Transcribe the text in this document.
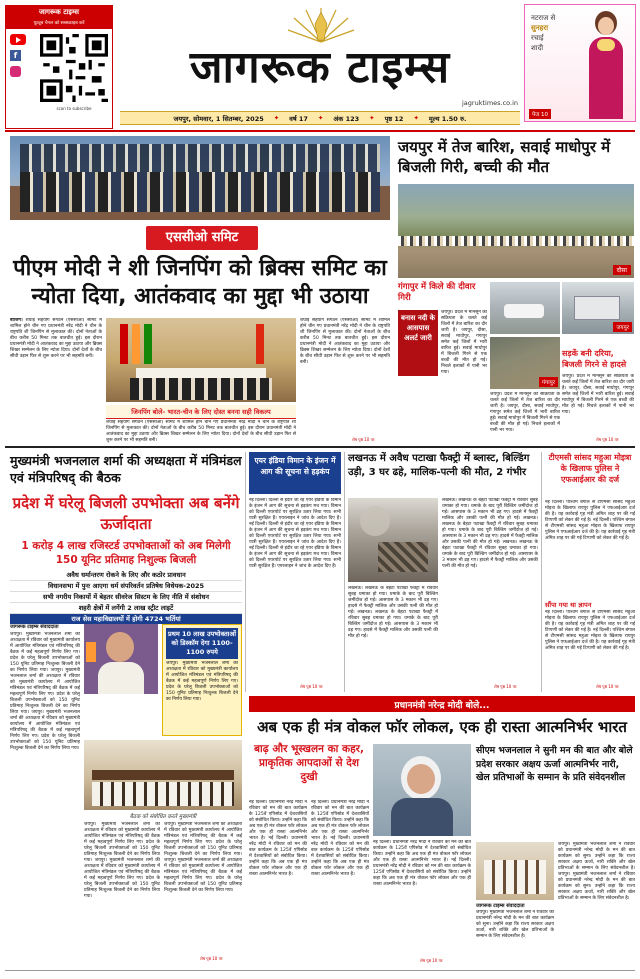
जागरूक टाइम्स
यूट्यूब चैनल को सब्सक्राइब करें
f
scan to subscribe
जागरूक टाइम्स
jagruktimes.co.in
जयपुर, सोमवार, 1 सितम्बर, 2025 ✦ वर्ष 17 ✦ अंक 123 ✦ पृष्ठ 12 ✦ मूल्य 1.50 रु.
नटराज से
सुनहरा
रचाई
शादी
पेज 10
एससीओ समिट
पीएम मोदी ने शी जिनपिंग को ब्रिक्स समिट का न्योता दिया, आतंकवाद का मुद्दा भी उठाया
बीजिंग। शंघाई सहयोग संगठन (एससीओ) समिट में शामिल होने चीन गए प्रधानमंत्री नरेंद्र मोदी ने चीन के राष्ट्रपति शी जिनपिंग से मुलाकात की। दोनों नेताओं के बीच करीब 50 मिनट तक बातचीत हुई। इस दौरान प्रधानमंत्री मोदी ने आतंकवाद का मुद्दा उठाया और ब्रिक्स शिखर सम्मेलन के लिए न्योता दिया। दोनों देशों के बीच सीधी उड़ान फिर से शुरू करने पर भी सहमति बनी।
जिनपिंग बोले- भारत-चीन के लिए दोस्त बनना सही विकल्प
शंघाई सहयोग संगठन (एससीओ) समिट में शामिल होने चीन गए प्रधानमंत्री नरेंद्र मोदी ने चीन के राष्ट्रपति शी जिनपिंग से मुलाकात की। दोनों नेताओं के बीच करीब 50 मिनट तक बातचीत हुई। इस दौरान प्रधानमंत्री मोदी ने आतंकवाद का मुद्दा उठाया और ब्रिक्स शिखर सम्मेलन के लिए न्योता दिया। दोनों देशों के बीच सीधी उड़ान फिर से शुरू करने पर भी सहमति बनी।
शंघाई सहयोग संगठन (एससीओ) समिट में शामिल होने चीन गए प्रधानमंत्री नरेंद्र मोदी ने चीन के राष्ट्रपति शी जिनपिंग से मुलाकात की। दोनों नेताओं के बीच करीब 50 मिनट तक बातचीत हुई। इस दौरान प्रधानमंत्री मोदी ने आतंकवाद का मुद्दा उठाया और ब्रिक्स शिखर सम्मेलन के लिए न्योता दिया। दोनों देशों के बीच सीधी उड़ान फिर से शुरू करने पर भी सहमति बनी।
शेष पृष्ठ 10 पर
जयपुर में तेज बारिश, सवाई माधोपुर में बिजली गिरी, बच्ची की मौत
दौसा
गंगापुर में किले की दीवार गिरी
जयपुर
बनास नदी के आसपास अलर्ट जारी
जयपुर। प्रदेश में मानसून की सक्रियता के चलते कई जिलों में तेज बारिश का दौर जारी है। जयपुर, दौसा, सवाई माधोपुर, गंगापुर समेत कई जिलों में भारी बारिश हुई। सवाई माधोपुर में बिजली गिरने से एक बच्ची की मौत हो गई। निचले इलाकों में पानी भर गया।
गंगापुर
जयपुर। प्रदेश में मानसून की सक्रियता के चलते कई जिलों में तेज बारिश का दौर जारी है। जयपुर, दौसा, सवाई माधोपुर, गंगापुर समेत कई जिलों में भारी बारिश हुई। सवाई माधोपुर में बिजली गिरने से एक बच्ची की मौत हो गई। निचले इलाकों में पानी भर गया।
सड़कें बनी दरिया, बिजली गिरने से हादसे
जयपुर। प्रदेश में मानसून की सक्रियता के चलते कई जिलों में तेज बारिश का दौर जारी है। जयपुर, दौसा, सवाई माधोपुर, गंगापुर समेत कई जिलों में भारी बारिश हुई। सवाई माधोपुर में बिजली गिरने से एक बच्ची की मौत हो गई। निचले इलाकों में पानी भर गया।
शेष पृष्ठ 10 पर
मुख्यमंत्री भजनलाल शर्मा की अध्यक्षता में मंत्रिमंडल एवं मंत्रिपरिषद् की बैठक
प्रदेश में घरेलू बिजली उपभोक्ता अब बनेंगे ऊर्जादाता
1 करोड़ 4 लाख रजिस्टर्ड उपभोक्ताओं को अब मिलेगी 150 यूनिट प्रतिमाह निशुल्क बिजली
अवैध धर्मान्तरण रोकने के लिए और कठोर प्रावधान
विधानसभा में पुनः आएगा धर्म संपरिवर्तन प्रतिषेध विधेयक-2025
सभी नगरीय निकायों में बेहतर सीवरेज सिस्टम के लिए नीति में संशोधन
शहरी क्षेत्रों में लगेंगी 2 लाख स्ट्रीट लाइटें
राज सेस महाविद्यालयों में होगी 4724 भर्तियां
जागरूक टाइम्स संवाददाता
जयपुर। मुख्यमंत्री भजनलाल शर्मा की अध्यक्षता में रविवार को मुख्यमंत्री कार्यालय में आयोजित मंत्रिमंडल एवं मंत्रिपरिषद् की बैठक में कई महत्वपूर्ण निर्णय लिए गए। प्रदेश के घरेलू बिजली उपभोक्ताओं को 150 यूनिट प्रतिमाह निःशुल्क बिजली देने का निर्णय लिया गया। जयपुर। मुख्यमंत्री भजनलाल शर्मा की अध्यक्षता में रविवार को मुख्यमंत्री कार्यालय में आयोजित मंत्रिमंडल एवं मंत्रिपरिषद् की बैठक में कई महत्वपूर्ण निर्णय लिए गए। प्रदेश के घरेलू बिजली उपभोक्ताओं को 150 यूनिट प्रतिमाह निःशुल्क बिजली देने का निर्णय लिया गया। जयपुर। मुख्यमंत्री भजनलाल शर्मा की अध्यक्षता में रविवार को मुख्यमंत्री कार्यालय में आयोजित मंत्रिमंडल एवं मंत्रिपरिषद् की बैठक में कई महत्वपूर्ण निर्णय लिए गए। प्रदेश के घरेलू बिजली उपभोक्ताओं को 150 यूनिट प्रतिमाह निःशुल्क बिजली देने का निर्णय लिया गया।
प्रथम 10 लाख उपभोक्ताओं को डिस्कॉम देगा 1100-1100 रुपये
जयपुर। मुख्यमंत्री भजनलाल शर्मा की अध्यक्षता में रविवार को मुख्यमंत्री कार्यालय में आयोजित मंत्रिमंडल एवं मंत्रिपरिषद् की बैठक में कई महत्वपूर्ण निर्णय लिए गए। प्रदेश के घरेलू बिजली उपभोक्ताओं को 150 यूनिट प्रतिमाह निःशुल्क बिजली देने का निर्णय लिया गया।
बैठक को संबोधित करते मुख्यमंत्री
जयपुर। मुख्यमंत्री भजनलाल शर्मा की अध्यक्षता में रविवार को मुख्यमंत्री कार्यालय में आयोजित मंत्रिमंडल एवं मंत्रिपरिषद् की बैठक में कई महत्वपूर्ण निर्णय लिए गए। प्रदेश के घरेलू बिजली उपभोक्ताओं को 150 यूनिट प्रतिमाह निःशुल्क बिजली देने का निर्णय लिया गया। जयपुर। मुख्यमंत्री भजनलाल शर्मा की अध्यक्षता में रविवार को मुख्यमंत्री कार्यालय में आयोजित मंत्रिमंडल एवं मंत्रिपरिषद् की बैठक में कई महत्वपूर्ण निर्णय लिए गए। प्रदेश के घरेलू बिजली उपभोक्ताओं को 150 यूनिट प्रतिमाह निःशुल्क बिजली देने का निर्णय लिया गया।
जयपुर। मुख्यमंत्री भजनलाल शर्मा की अध्यक्षता में रविवार को मुख्यमंत्री कार्यालय में आयोजित मंत्रिमंडल एवं मंत्रिपरिषद् की बैठक में कई महत्वपूर्ण निर्णय लिए गए। प्रदेश के घरेलू बिजली उपभोक्ताओं को 150 यूनिट प्रतिमाह निःशुल्क बिजली देने का निर्णय लिया गया। जयपुर। मुख्यमंत्री भजनलाल शर्मा की अध्यक्षता में रविवार को मुख्यमंत्री कार्यालय में आयोजित मंत्रिमंडल एवं मंत्रिपरिषद् की बैठक में कई महत्वपूर्ण निर्णय लिए गए। प्रदेश के घरेलू बिजली उपभोक्ताओं को 150 यूनिट प्रतिमाह निःशुल्क बिजली देने का निर्णय लिया गया।
शेष पृष्ठ 10 पर
एयर इंडिया विमान के इंजन में आग की सूचना से हड़कंप
नई दिल्ली। दिल्ली से इंदौर जा रहे एयर इंडिया के विमान के इंजन में आग की सूचना से हड़कंप मच गया। विमान को दिल्ली एयरपोर्ट पर सुरक्षित उतार लिया गया। सभी यात्री सुरक्षित हैं। एयरलाइन ने जांच के आदेश दिए हैं। नई दिल्ली। दिल्ली से इंदौर जा रहे एयर इंडिया के विमान के इंजन में आग की सूचना से हड़कंप मच गया। विमान को दिल्ली एयरपोर्ट पर सुरक्षित उतार लिया गया। सभी यात्री सुरक्षित हैं। एयरलाइन ने जांच के आदेश दिए हैं। नई दिल्ली। दिल्ली से इंदौर जा रहे एयर इंडिया के विमान के इंजन में आग की सूचना से हड़कंप मच गया। विमान को दिल्ली एयरपोर्ट पर सुरक्षित उतार लिया गया। सभी यात्री सुरक्षित हैं। एयरलाइन ने जांच के आदेश दिए हैं।
शेष पृष्ठ 10 पर
लखनऊ में अवैध पटाखा फैक्ट्री में ब्लास्ट, बिल्डिंग उड़ी, 3 घर ढहे, मालिक-पत्नी की मौत, 2 गंभीर
लखनऊ। लखनऊ के बेहटा पटाखा फैक्ट्री में रविवार सुबह धमाका हो गया। धमाके के बाद पूरी बिल्डिंग जमींदोज हो गई। आसपास के 3 मकान भी ढह गए। हादसे में फैक्ट्री मालिक और उसकी पत्नी की मौत हो गई। लखनऊ। लखनऊ के बेहटा पटाखा फैक्ट्री में रविवार सुबह धमाका हो गया। धमाके के बाद पूरी बिल्डिंग जमींदोज हो गई। आसपास के 3 मकान भी ढह गए। हादसे में फैक्ट्री मालिक और उसकी पत्नी की मौत हो गई।
लखनऊ। लखनऊ के बेहटा पटाखा फैक्ट्री में रविवार सुबह धमाका हो गया। धमाके के बाद पूरी बिल्डिंग जमींदोज हो गई। आसपास के 3 मकान भी ढह गए। हादसे में फैक्ट्री मालिक और उसकी पत्नी की मौत हो गई। लखनऊ। लखनऊ के बेहटा पटाखा फैक्ट्री में रविवार सुबह धमाका हो गया। धमाके के बाद पूरी बिल्डिंग जमींदोज हो गई। आसपास के 3 मकान भी ढह गए। हादसे में फैक्ट्री मालिक और उसकी पत्नी की मौत हो गई। लखनऊ। लखनऊ के बेहटा पटाखा फैक्ट्री में रविवार सुबह धमाका हो गया। धमाके के बाद पूरी बिल्डिंग जमींदोज हो गई। आसपास के 3 मकान भी ढह गए। हादसे में फैक्ट्री मालिक और उसकी पत्नी की मौत हो गई।
शेष पृष्ठ 10 पर
टीएमसी सांसद महुआ मोइत्रा के खिलाफ पुलिस ने एफआईआर की दर्ज
नई दिल्ली। पश्चिम बंगाल से टीएमसी सांसद महुआ मोइत्रा के खिलाफ रायपुर पुलिस ने एफआईआर दर्ज की है। यह कार्रवाई गृह मंत्री अमित शाह पर की गई टिप्पणी को लेकर की गई है। नई दिल्ली। पश्चिम बंगाल से टीएमसी सांसद महुआ मोइत्रा के खिलाफ रायपुर पुलिस ने एफआईआर दर्ज की है। यह कार्रवाई गृह मंत्री अमित शाह पर की गई टिप्पणी को लेकर की गई है।
सौंपा गया था ज्ञापन
नई दिल्ली। पश्चिम बंगाल से टीएमसी सांसद महुआ मोइत्रा के खिलाफ रायपुर पुलिस ने एफआईआर दर्ज की है। यह कार्रवाई गृह मंत्री अमित शाह पर की गई टिप्पणी को लेकर की गई है। नई दिल्ली। पश्चिम बंगाल से टीएमसी सांसद महुआ मोइत्रा के खिलाफ रायपुर पुलिस ने एफआईआर दर्ज की है। यह कार्रवाई गृह मंत्री अमित शाह पर की गई टिप्पणी को लेकर की गई है।
शेष पृष्ठ 10 पर
प्रधानमंत्री नरेन्द्र मोदी बोले...
अब एक ही मंत्र वोकल फॉर लोकल, एक ही रास्ता आत्मनिर्भर भारत
बाढ़ और भूस्खलन का कहर, प्राकृतिक आपदाओं से देश दुखी
नई दिल्ली। प्रधानमंत्री नरेंद्र मोदी ने रविवार को मन की बात कार्यक्रम के 125वें एपिसोड में देशवासियों को संबोधित किया। उन्होंने कहा कि अब एक ही मंत्र वोकल फॉर लोकल और एक ही रास्ता आत्मनिर्भर भारत है। नई दिल्ली। प्रधानमंत्री नरेंद्र मोदी ने रविवार को मन की बात कार्यक्रम के 125वें एपिसोड में देशवासियों को संबोधित किया। उन्होंने कहा कि अब एक ही मंत्र वोकल फॉर लोकल और एक ही रास्ता आत्मनिर्भर भारत है।
नई दिल्ली। प्रधानमंत्री नरेंद्र मोदी ने रविवार को मन की बात कार्यक्रम के 125वें एपिसोड में देशवासियों को संबोधित किया। उन्होंने कहा कि अब एक ही मंत्र वोकल फॉर लोकल और एक ही रास्ता आत्मनिर्भर भारत है। नई दिल्ली। प्रधानमंत्री नरेंद्र मोदी ने रविवार को मन की बात कार्यक्रम के 125वें एपिसोड में देशवासियों को संबोधित किया। उन्होंने कहा कि अब एक ही मंत्र वोकल फॉर लोकल और एक ही रास्ता आत्मनिर्भर भारत है।
नई दिल्ली। प्रधानमंत्री नरेंद्र मोदी ने रविवार को मन की बात कार्यक्रम के 125वें एपिसोड में देशवासियों को संबोधित किया। उन्होंने कहा कि अब एक ही मंत्र वोकल फॉर लोकल और एक ही रास्ता आत्मनिर्भर भारत है। नई दिल्ली। प्रधानमंत्री नरेंद्र मोदी ने रविवार को मन की बात कार्यक्रम के 125वें एपिसोड में देशवासियों को संबोधित किया। उन्होंने कहा कि अब एक ही मंत्र वोकल फॉर लोकल और एक ही रास्ता आत्मनिर्भर भारत है।
शेष पृष्ठ 10 पर
सीएम भजनलाल ने सुनी मन की बात और बोले प्रदेश सरकार अक्षय ऊर्जा आत्मनिर्भर नारी, खेल प्रतिभाओं के सम्मान के प्रति संवेदनशील
जागरूक टाइम्स संवाददाता
जयपुर। मुख्यमंत्री भजनलाल शर्मा ने रविवार को प्रधानमंत्री नरेन्द्र मोदी के मन की बात कार्यक्रम को सुना। उन्होंने कहा कि राज्य सरकार अक्षय ऊर्जा, नारी शक्ति और खेल प्रतिभाओं के सम्मान के लिए संवेदनशील है।
जयपुर। मुख्यमंत्री भजनलाल शर्मा ने रविवार को प्रधानमंत्री नरेन्द्र मोदी के मन की बात कार्यक्रम को सुना। उन्होंने कहा कि राज्य सरकार अक्षय ऊर्जा, नारी शक्ति और खेल प्रतिभाओं के सम्मान के लिए संवेदनशील है। जयपुर। मुख्यमंत्री भजनलाल शर्मा ने रविवार को प्रधानमंत्री नरेन्द्र मोदी के मन की बात कार्यक्रम को सुना। उन्होंने कहा कि राज्य सरकार अक्षय ऊर्जा, नारी शक्ति और खेल प्रतिभाओं के सम्मान के लिए संवेदनशील है।
